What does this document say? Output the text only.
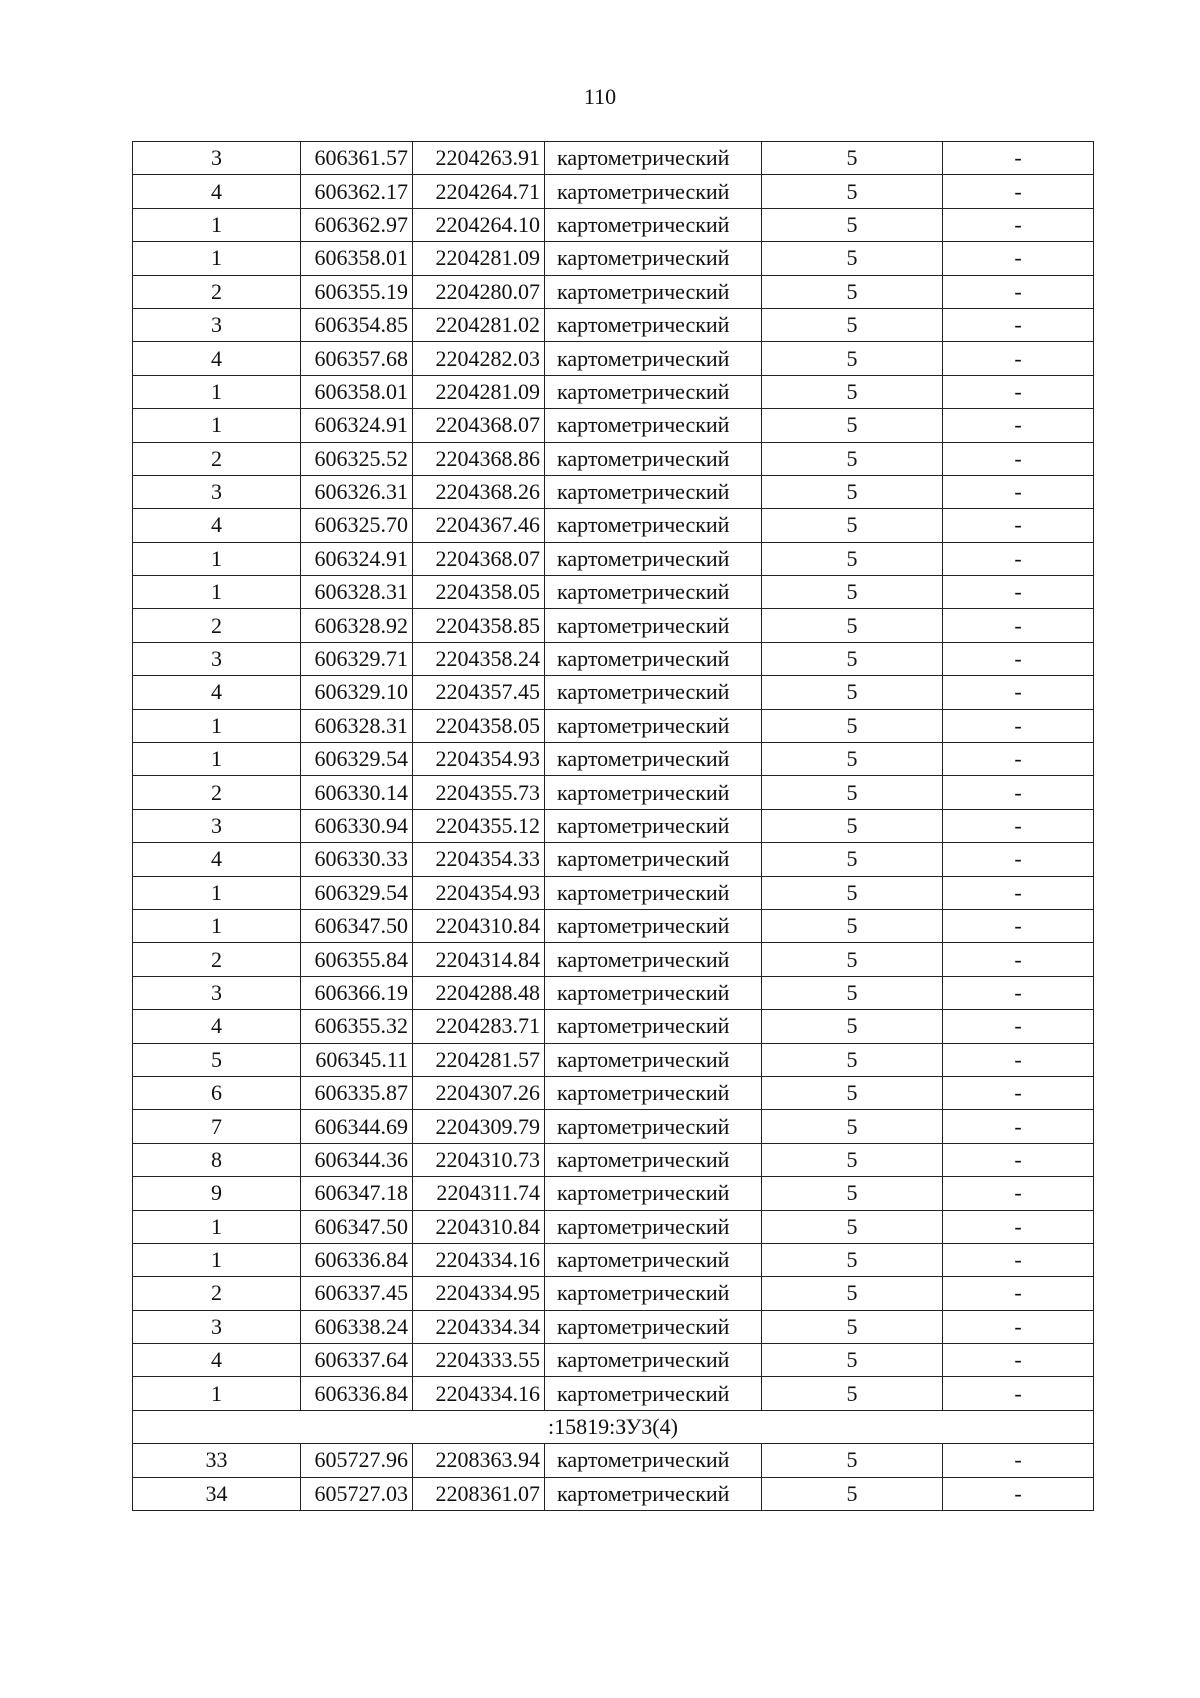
110
3	606361.57	2204263.91	картометрический	5	-
4	606362.17	2204264.71	картометрический	5	-
1	606362.97	2204264.10	картометрический	5	-
1	606358.01	2204281.09	картометрический	5	-
2	606355.19	2204280.07	картометрический	5	-
3	606354.85	2204281.02	картометрический	5	-
4	606357.68	2204282.03	картометрический	5	-
1	606358.01	2204281.09	картометрический	5	-
1	606324.91	2204368.07	картометрический	5	-
2	606325.52	2204368.86	картометрический	5	-
3	606326.31	2204368.26	картометрический	5	-
4	606325.70	2204367.46	картометрический	5	-
1	606324.91	2204368.07	картометрический	5	-
1	606328.31	2204358.05	картометрический	5	-
2	606328.92	2204358.85	картометрический	5	-
3	606329.71	2204358.24	картометрический	5	-
4	606329.10	2204357.45	картометрический	5	-
1	606328.31	2204358.05	картометрический	5	-
1	606329.54	2204354.93	картометрический	5	-
2	606330.14	2204355.73	картометрический	5	-
3	606330.94	2204355.12	картометрический	5	-
4	606330.33	2204354.33	картометрический	5	-
1	606329.54	2204354.93	картометрический	5	-
1	606347.50	2204310.84	картометрический	5	-
2	606355.84	2204314.84	картометрический	5	-
3	606366.19	2204288.48	картометрический	5	-
4	606355.32	2204283.71	картометрический	5	-
5	606345.11	2204281.57	картометрический	5	-
6	606335.87	2204307.26	картометрический	5	-
7	606344.69	2204309.79	картометрический	5	-
8	606344.36	2204310.73	картометрический	5	-
9	606347.18	2204311.74	картометрический	5	-
1	606347.50	2204310.84	картометрический	5	-
1	606336.84	2204334.16	картометрический	5	-
2	606337.45	2204334.95	картометрический	5	-
3	606338.24	2204334.34	картометрический	5	-
4	606337.64	2204333.55	картометрический	5	-
1	606336.84	2204334.16	картометрический	5	-
:15819:ЗУ3(4)					
33	605727.96	2208363.94	картометрический	5	-
34	605727.03	2208361.07	картометрический	5	-
